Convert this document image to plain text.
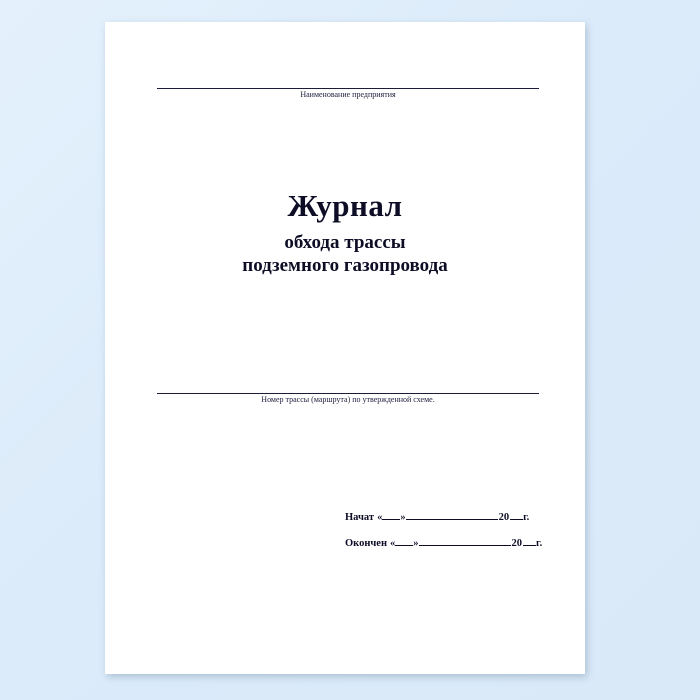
Наименование предприятия
Журнал
обхода трассы
подземного газопровода
Номер трассы (маршрута) по утвержденной схеме.
Начат « »	20 г.
Окончен « »	20 г.
